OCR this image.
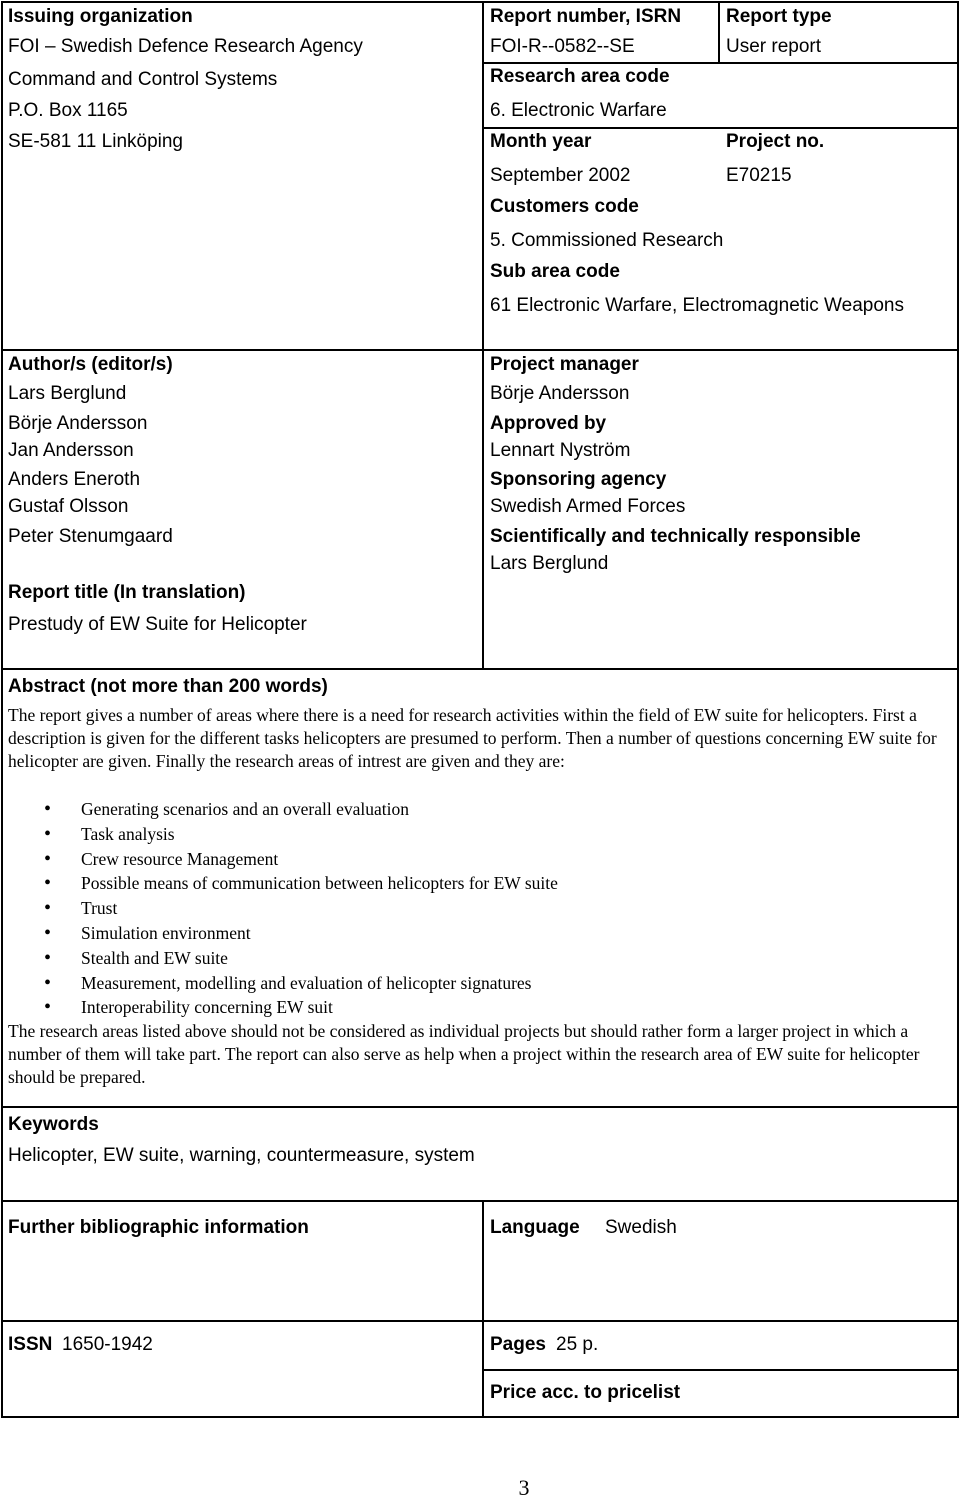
Issuing organization
FOI – Swedish Defence Research Agency
Command and Control Systems
P.O. Box 1165
SE-581 11 Linköping
Report number, ISRN
FOI-R--0582--SE
Report type
User report
Research area code
6. Electronic Warfare
Month year
September 2002
Project no.
E70215
Customers code
5. Commissioned Research
Sub area code
61 Electronic Warfare, Electromagnetic Weapons
Author/s (editor/s)
Lars Berglund
Börje Andersson
Jan Andersson
Anders Eneroth
Gustaf Olsson
Peter Stenumgaard
Report title (In translation)
Prestudy of EW Suite for Helicopter
Project manager
Börje Andersson
Approved by
Lennart Nyström
Sponsoring agency
Swedish Armed Forces
Scientifically and technically responsible
Lars Berglund
Abstract (not more than 200 words)
The report gives a number of areas where there is a need for research activities within the field of EW suite for helicopters. First a description is given for the different tasks helicopters are presumed to perform. Then a number of questions concerning EW suite for helicopter are given. Finally the research areas of intrest are given and they are:
• Generating scenarios and an overall evaluation
• Task analysis
• Crew resource Management
• Possible means of communication between helicopters for EW suite
• Trust
• Simulation environment
• Stealth and EW suite
• Measurement, modelling and evaluation of helicopter signatures
• Interoperability concerning EW suit
The research areas listed above should not be considered as individual projects but should rather form a larger project in which a number of them will take part. The report can also serve as help when a project within the research area of EW suite for helicopter should be prepared.
Keywords
Helicopter, EW suite, warning, countermeasure, system
Further bibliographic information	Language Swedish
ISSN 1650-1942	Pages 25 p.
Price acc. to pricelist
3
